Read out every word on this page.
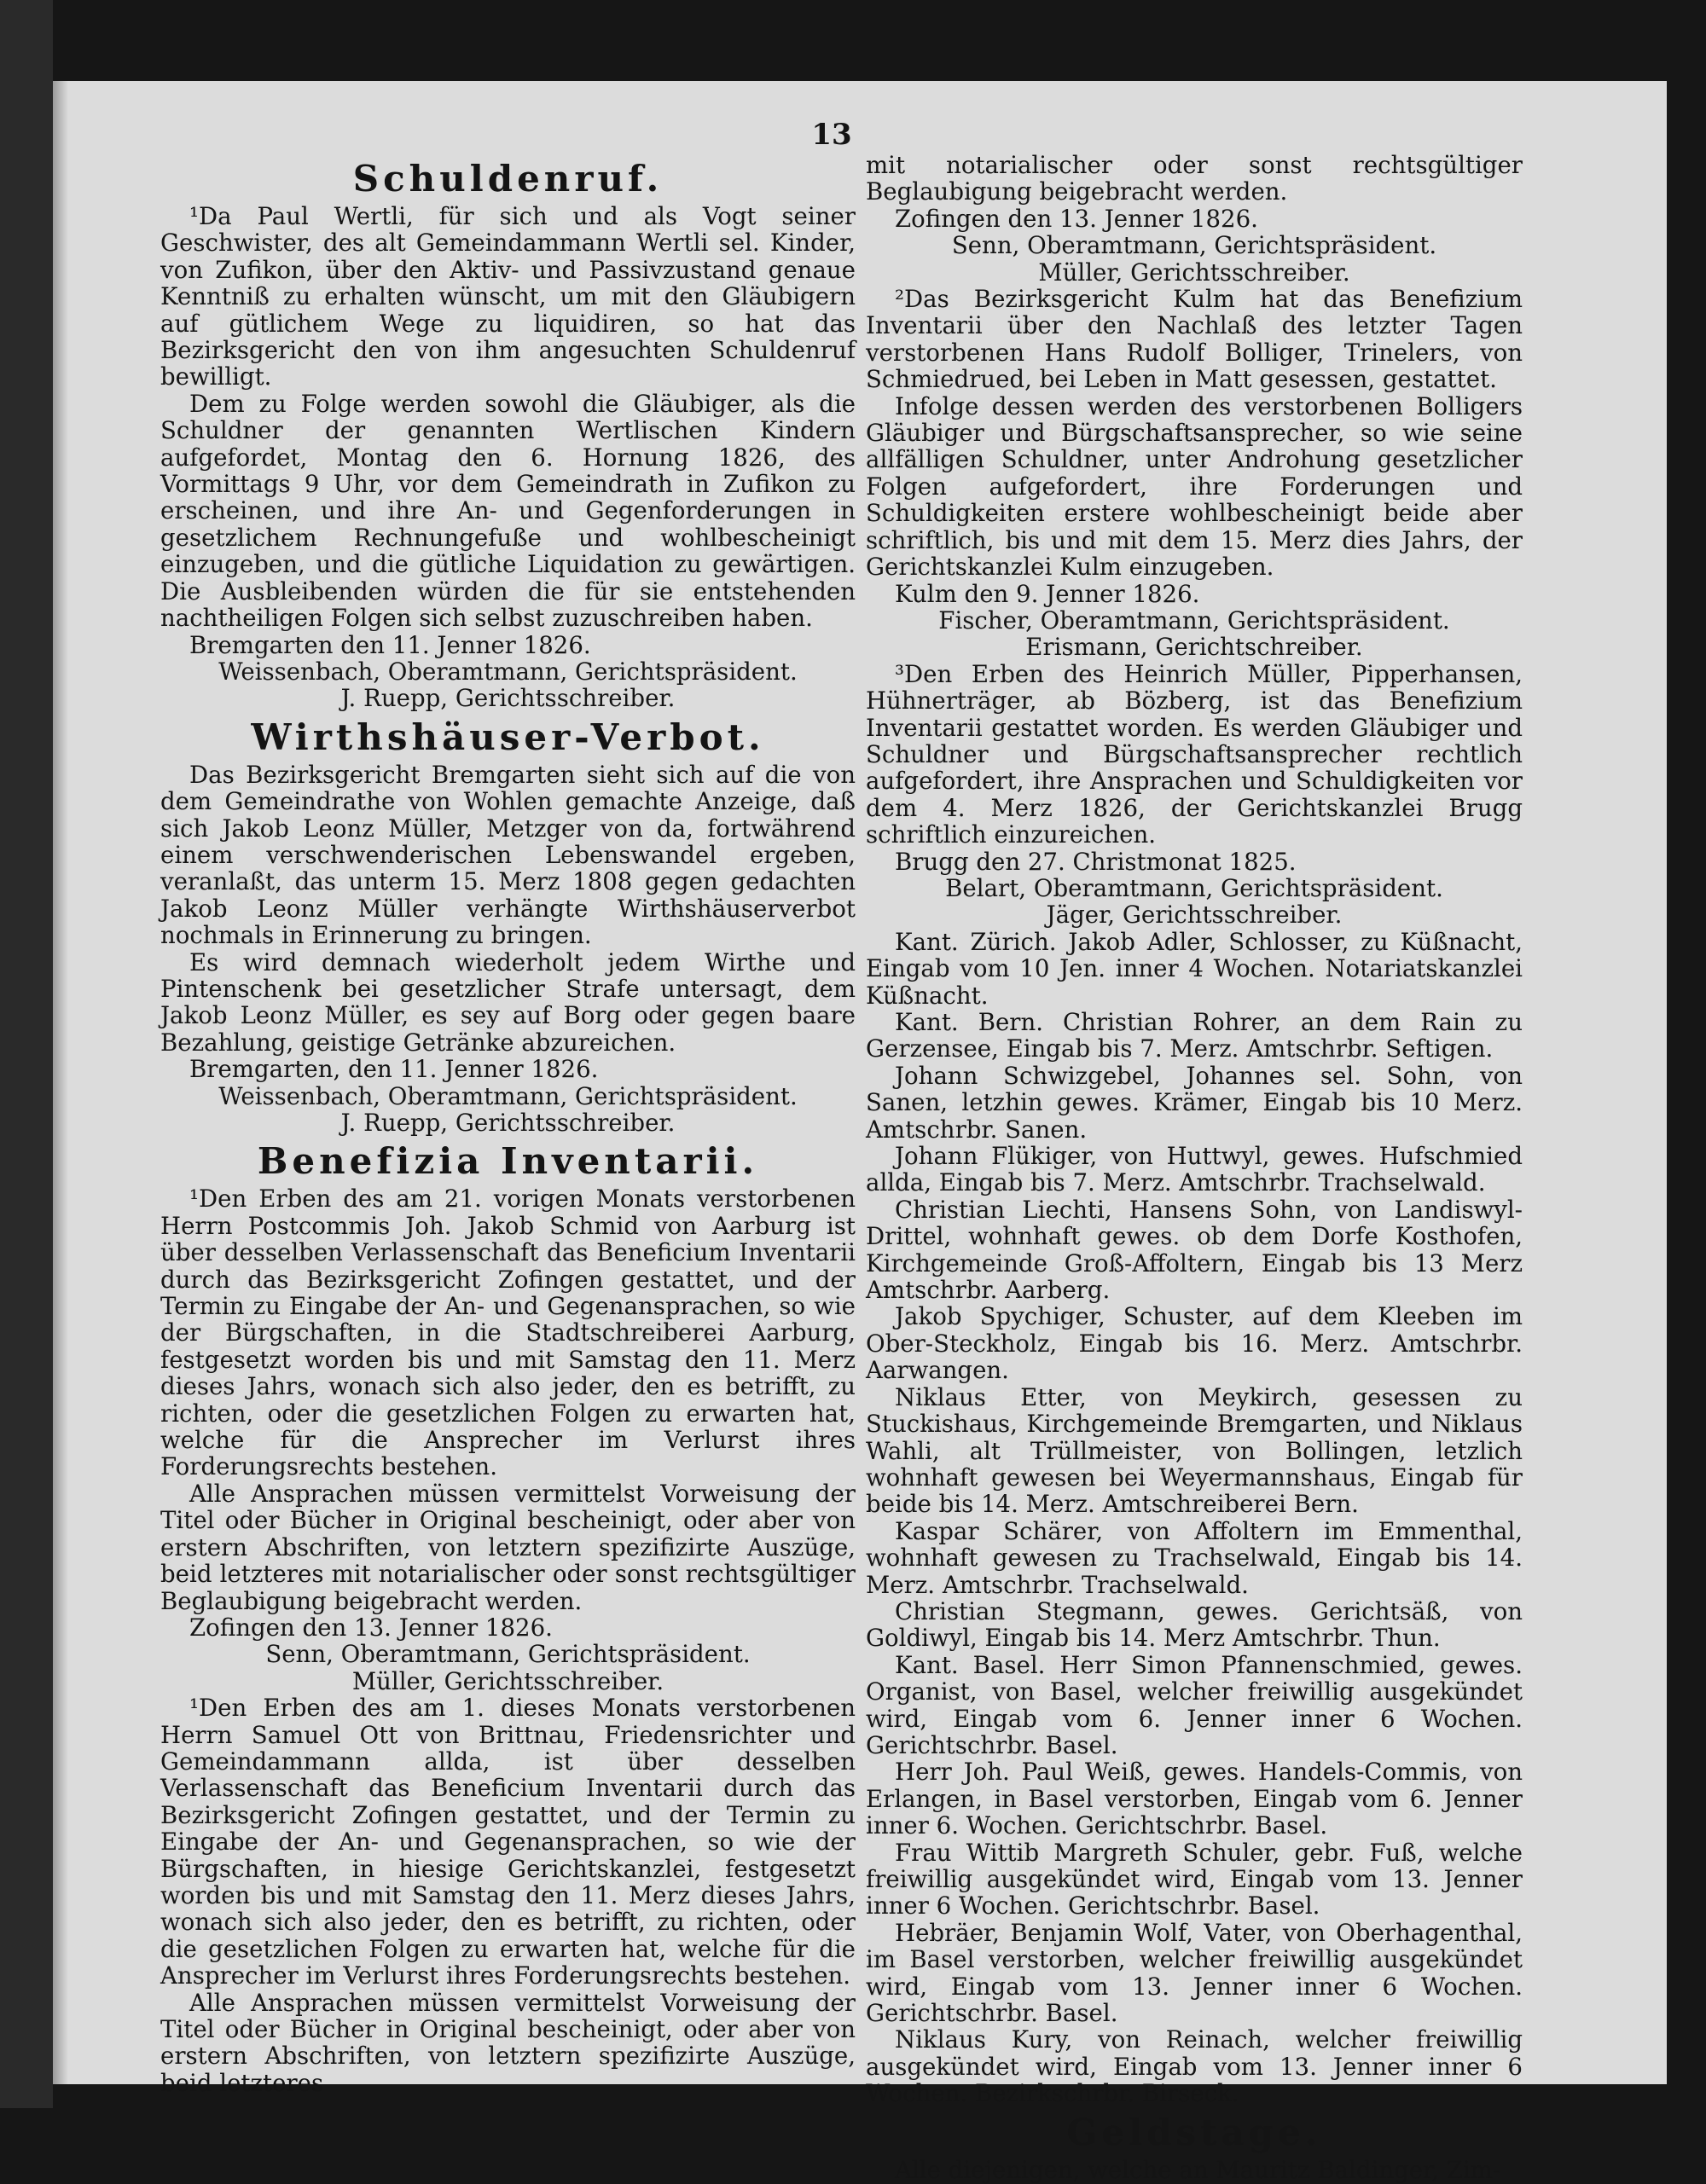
13
Schuldenruf.
¹Da Paul Wertli, für sich und als Vogt seiner Geschwister, des alt Gemeindammann Wertli sel. Kinder, von Zufikon, über den Aktiv- und Passivzustand genaue Kenntniß zu erhalten wünscht, um mit den Gläubigern auf gütlichem Wege zu liquidiren, so hat das Bezirksgericht den von ihm angesuchten Schuldenruf bewilligt.
Dem zu Folge werden sowohl die Gläubiger, als die Schuldner der genannten Wertlischen Kindern aufgefordet, Montag den 6. Hornung 1826, des Vormittags 9 Uhr, vor dem Gemeindrath in Zufikon zu erscheinen, und ihre An- und Gegenforderungen in gesetzlichem Rechnungefuße und wohlbescheinigt einzugeben, und die gütliche Liquidation zu gewärtigen. Die Ausbleibenden würden die für sie entstehenden nachtheiligen Folgen sich selbst zuzuschreiben haben.
Bremgarten den 11. Jenner 1826.
Weissenbach, Oberamtmann, Gerichtspräsident.
J. Ruepp, Gerichtsschreiber.
Wirthshäuser-Verbot.
Das Bezirksgericht Bremgarten sieht sich auf die von dem Gemeindrathe von Wohlen gemachte Anzeige, daß sich Jakob Leonz Müller, Metzger von da, fortwährend einem verschwenderischen Lebenswandel ergeben, veranlaßt, das unterm 15. Merz 1808 gegen gedachten Jakob Leonz Müller verhängte Wirthshäuserverbot nochmals in Erinnerung zu bringen.
Es wird demnach wiederholt jedem Wirthe und Pintenschenk bei gesetzlicher Strafe untersagt, dem Jakob Leonz Müller, es sey auf Borg oder gegen baare Bezahlung, geistige Getränke abzureichen.
Bremgarten, den 11. Jenner 1826.
Weissenbach, Oberamtmann, Gerichtspräsident.
J. Ruepp, Gerichtsschreiber.
Benefizia Inventarii.
¹Den Erben des am 21. vorigen Monats verstorbenen Herrn Postcommis Joh. Jakob Schmid von Aarburg ist über desselben Verlassenschaft das Beneficium Inventarii durch das Bezirksgericht Zofingen gestattet, und der Termin zu Eingabe der An- und Gegenansprachen, so wie der Bürgschaften, in die Stadtschreiberei Aarburg, festgesetzt worden bis und mit Samstag den 11. Merz dieses Jahrs, wonach sich also jeder, den es betrifft, zu richten, oder die gesetzlichen Folgen zu erwarten hat, welche für die Ansprecher im Verlurst ihres Forderungsrechts bestehen.
Alle Ansprachen müssen vermittelst Vorweisung der Titel oder Bücher in Original bescheinigt, oder aber von erstern Abschriften, von letztern spezifizirte Auszüge, beid letzteres mit notarialischer oder sonst rechtsgültiger Beglaubigung beigebracht werden.
Zofingen den 13. Jenner 1826.
Senn, Oberamtmann, Gerichtspräsident.
Müller, Gerichtsschreiber.
¹Den Erben des am 1. dieses Monats verstorbenen Herrn Samuel Ott von Brittnau, Friedensrichter und Gemeindammann allda, ist über desselben Verlassenschaft das Beneficium Inventarii durch das Bezirksgericht Zofingen gestattet, und der Termin zu Eingabe der An- und Gegenansprachen, so wie der Bürgschaften, in hiesige Gerichtskanzlei, festgesetzt worden bis und mit Samstag den 11. Merz dieses Jahrs, wonach sich also jeder, den es betrifft, zu richten, oder die gesetzlichen Folgen zu erwarten hat, welche für die Ansprecher im Verlurst ihres Forderungsrechts bestehen.
Alle Ansprachen müssen vermittelst Vorweisung der Titel oder Bücher in Original bescheinigt, oder aber von erstern Abschriften, von letztern spezifizirte Auszüge, beid letzteres
mit notarialischer oder sonst rechtsgültiger Beglaubigung beigebracht werden.
Zofingen den 13. Jenner 1826.
Senn, Oberamtmann, Gerichtspräsident.
Müller, Gerichtsschreiber.
²Das Bezirksgericht Kulm hat das Benefizium Inventarii über den Nachlaß des letzter Tagen verstorbenen Hans Rudolf Bolliger, Trinelers, von Schmiedrued, bei Leben in Matt gesessen, gestattet.
Infolge dessen werden des verstorbenen Bolligers Gläubiger und Bürgschaftsansprecher, so wie seine allfälligen Schuldner, unter Androhung gesetzlicher Folgen aufgefordert, ihre Forderungen und Schuldigkeiten erstere wohlbescheinigt beide aber schriftlich, bis und mit dem 15. Merz dies Jahrs, der Gerichtskanzlei Kulm einzugeben.
Kulm den 9. Jenner 1826.
Fischer, Oberamtmann, Gerichtspräsident.
Erismann, Gerichtschreiber.
³Den Erben des Heinrich Müller, Pipperhansen, Hühnerträger, ab Bözberg, ist das Benefizium Inventarii gestattet worden. Es werden Gläubiger und Schuldner und Bürgschaftsansprecher rechtlich aufgefordert, ihre Ansprachen und Schuldigkeiten vor dem 4. Merz 1826, der Gerichtskanzlei Brugg schriftlich einzureichen.
Brugg den 27. Christmonat 1825.
Belart, Oberamtmann, Gerichtspräsident.
Jäger, Gerichtsschreiber.
Kant. Zürich. Jakob Adler, Schlosser, zu Küßnacht, Eingab vom 10 Jen. inner 4 Wochen. Notariatskanzlei Küßnacht.
Kant. Bern. Christian Rohrer, an dem Rain zu Gerzensee, Eingab bis 7. Merz. Amtschrbr. Seftigen.
Johann Schwizgebel, Johannes sel. Sohn, von Sanen, letzhin gewes. Krämer, Eingab bis 10 Merz. Amtschrbr. Sanen.
Johann Flükiger, von Huttwyl, gewes. Hufschmied allda, Eingab bis 7. Merz. Amtschrbr. Trachselwald.
Christian Liechti, Hansens Sohn, von Landiswyl-Drittel, wohnhaft gewes. ob dem Dorfe Kosthofen, Kirchgemeinde Groß-Affoltern, Eingab bis 13 Merz Amtschrbr. Aarberg.
Jakob Spychiger, Schuster, auf dem Kleeben im Ober-Steckholz, Eingab bis 16. Merz. Amtschrbr. Aarwangen.
Niklaus Etter, von Meykirch, gesessen zu Stuckishaus, Kirchgemeinde Bremgarten, und Niklaus Wahli, alt Trüllmeister, von Bollingen, letzlich wohnhaft gewesen bei Weyermannshaus, Eingab für beide bis 14. Merz. Amtschreiberei Bern.
Kaspar Schärer, von Affoltern im Emmenthal, wohnhaft gewesen zu Trachselwald, Eingab bis 14. Merz. Amtschrbr. Trachselwald.
Christian Stegmann, gewes. Gerichtsäß, von Goldiwyl, Eingab bis 14. Merz Amtschrbr. Thun.
Kant. Basel. Herr Simon Pfannenschmied, gewes. Organist, von Basel, welcher freiwillig ausgekündet wird, Eingab vom 6. Jenner inner 6 Wochen. Gerichtschrbr. Basel.
Herr Joh. Paul Weiß, gewes. Handels-Commis, von Erlangen, in Basel verstorben, Eingab vom 6. Jenner inner 6. Wochen. Gerichtschrbr. Basel.
Frau Wittib Margreth Schuler, gebr. Fuß, welche freiwillig ausgekündet wird, Eingab vom 13. Jenner inner 6 Wochen. Gerichtschrbr. Basel.
Hebräer, Benjamin Wolf, Vater, von Oberhagenthal, im Basel verstorben, welcher freiwillig ausgekündet wird, Eingab vom 13. Jenner inner 6 Wochen. Gerichtschrbr. Basel.
Niklaus Kury, von Reinach, welcher freiwillig ausgekündet wird, Eingab vom 13. Jenner inner 6 Wochen. Bezirkschrbr. Birseck.
Geldstage.
Alle diejenigen, welche an Mauritz Baldinger, Zim-
